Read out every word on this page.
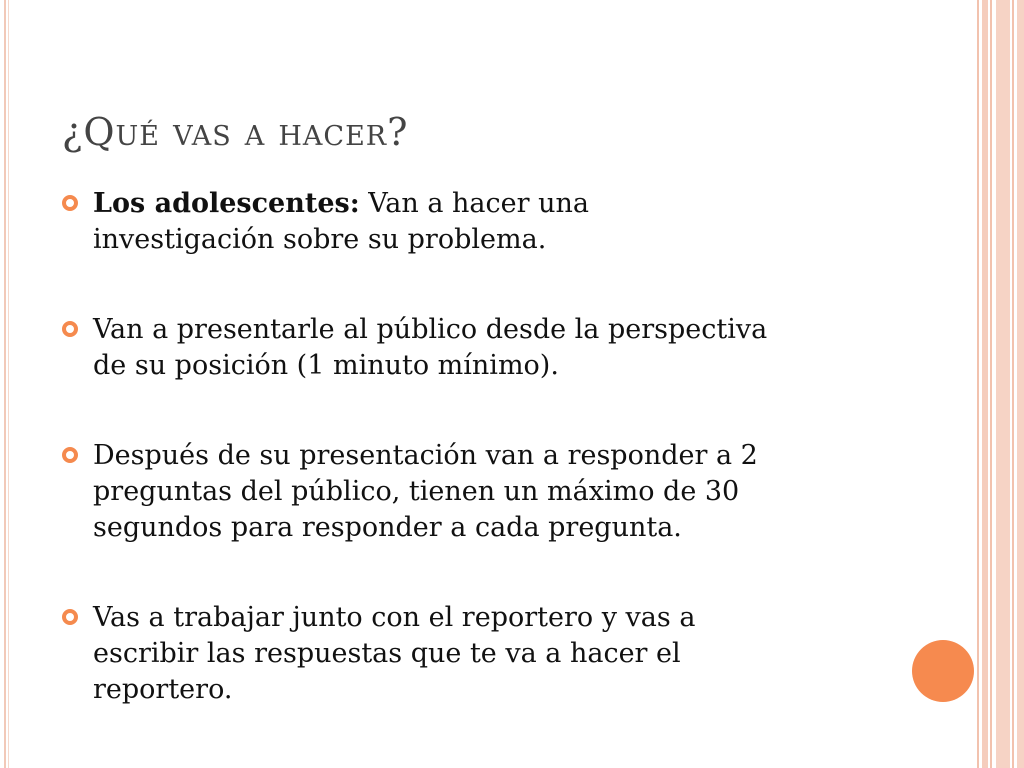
¿Qué vas a hacer?
Los adolescentes: Van a hacer una
investigación sobre su problema.
Van a presentarle al público desde la perspectiva
de su posición (1 minuto mínimo).
Después de su presentación van a responder a 2
preguntas del público, tienen un máximo de 30
segundos para responder a cada pregunta.
Vas a trabajar junto con el reportero y vas a
escribir las respuestas que te va a hacer el
reportero.
